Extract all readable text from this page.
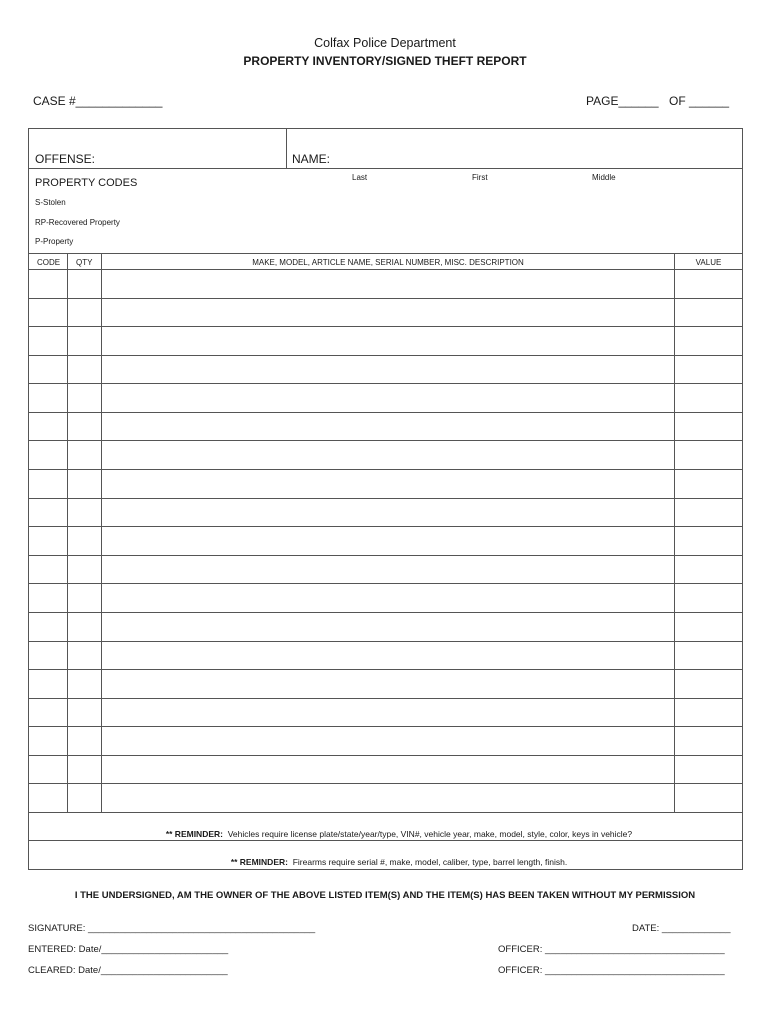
Colfax Police Department
PROPERTY INVENTORY/SIGNED THEFT REPORT
CASE #_____________	PAGE______ OF ______
OFFENSE:	NAME:
Last	First	Middle
PROPERTY CODES
S-Stolen
RP-Recovered Property
P-Property
CODE QTY	MAKE, MODEL, ARTICLE NAME, SERIAL NUMBER, MISC. DESCRIPTION	VALUE
** REMINDER: Vehicles require license plate/state/year/type, VIN#, vehicle year, make, model, style, color, keys in vehicle?
** REMINDER: Firearms require serial #, make, model, caliber, type, barrel length, finish.
I THE UNDERSIGNED, AM THE OWNER OF THE ABOVE LISTED ITEM(S) AND THE ITEM(S) HAS BEEN TAKEN WITHOUT MY PERMISSION
SIGNATURE: ___________________________________________	DATE: _____________
ENTERED: Date/________________________	OFFICER: __________________________________
CLEARED: Date/________________________	OFFICER: __________________________________
